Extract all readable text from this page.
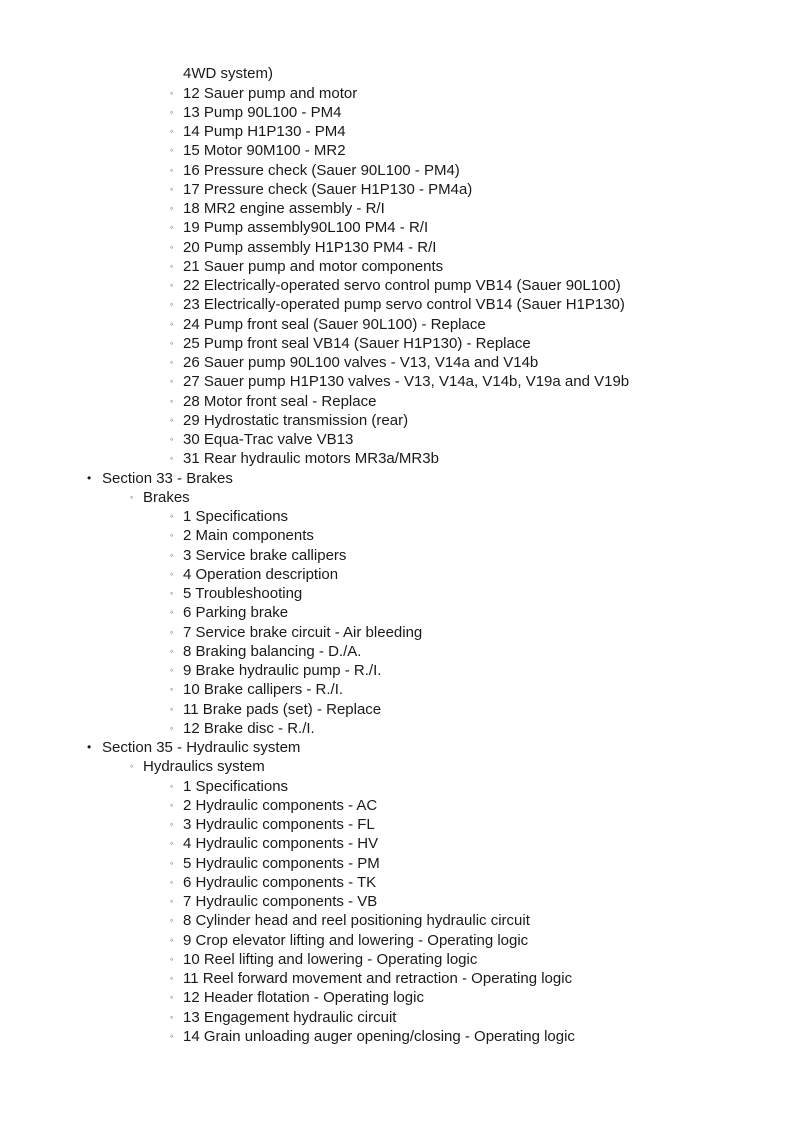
4WD system)
◦ 12 Sauer pump and motor
◦ 13 Pump 90L100 - PM4
◦ 14 Pump H1P130 - PM4
◦ 15 Motor 90M100 - MR2
◦ 16 Pressure check (Sauer 90L100 - PM4)
◦ 17 Pressure check (Sauer H1P130 - PM4a)
◦ 18 MR2 engine assembly - R/I
◦ 19 Pump assembly90L100 PM4 - R/I
◦ 20 Pump assembly H1P130 PM4 - R/I
◦ 21 Sauer pump and motor components
◦ 22 Electrically-operated servo control pump VB14 (Sauer 90L100)
◦ 23 Electrically-operated pump servo control VB14 (Sauer H1P130)
◦ 24 Pump front seal (Sauer 90L100) - Replace
◦ 25 Pump front seal VB14 (Sauer H1P130) - Replace
◦ 26 Sauer pump 90L100 valves - V13, V14a and V14b
◦ 27 Sauer pump H1P130 valves - V13, V14a, V14b, V19a and V19b
◦ 28 Motor front seal - Replace
◦ 29 Hydrostatic transmission (rear)
◦ 30 Equa-Trac valve VB13
◦ 31 Rear hydraulic motors MR3a/MR3b
• Section 33 - Brakes
◦ Brakes
◦ 1 Specifications
◦ 2 Main components
◦ 3 Service brake callipers
◦ 4 Operation description
◦ 5 Troubleshooting
◦ 6 Parking brake
◦ 7 Service brake circuit - Air bleeding
◦ 8 Braking balancing - D./A.
◦ 9 Brake hydraulic pump - R./I.
◦ 10 Brake callipers - R./I.
◦ 11 Brake pads (set) - Replace
◦ 12 Brake disc - R./I.
• Section 35 - Hydraulic system
◦ Hydraulics system
◦ 1 Specifications
◦ 2 Hydraulic components - AC
◦ 3 Hydraulic components - FL
◦ 4 Hydraulic components - HV
◦ 5 Hydraulic components - PM
◦ 6 Hydraulic components - TK
◦ 7 Hydraulic components - VB
◦ 8 Cylinder head and reel positioning hydraulic circuit
◦ 9 Crop elevator lifting and lowering - Operating logic
◦ 10 Reel lifting and lowering - Operating logic
◦ 11 Reel forward movement and retraction - Operating logic
◦ 12 Header flotation - Operating logic
◦ 13 Engagement hydraulic circuit
◦ 14 Grain unloading auger opening/closing - Operating logic
